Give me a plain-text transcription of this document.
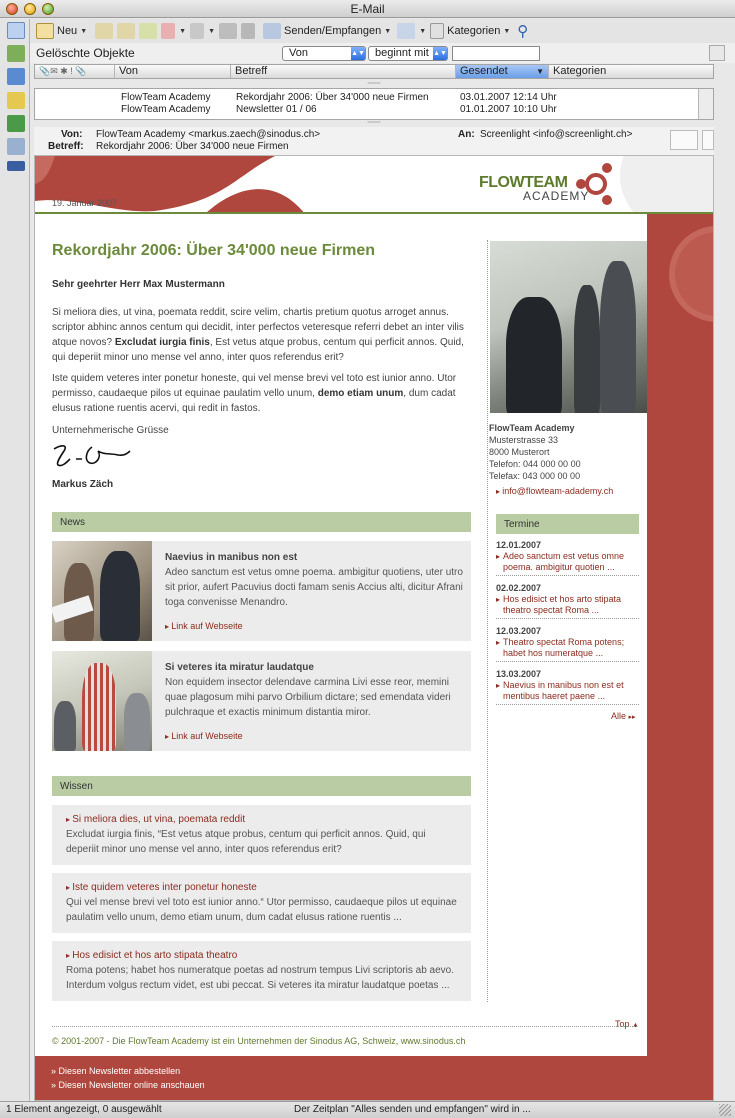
E-Mail
Neu ▼	▼	▼	Senden/Empfangen ▼	▼ Kategorien ▼ ⚲
Gelöschte Objekte	Von	▲▼ beginnt mit ▲▼
📎✉ ✱ ! 📎	Von	Betreff	Gesendet	▼ Kategorien
═══
FlowTeam Academy	Rekordjahr 2006: Über 34'000 neue Firmen	03.01.2007 12:14 Uhr
FlowTeam Academy	Newsletter 01 / 06	01.01.2007 10:10 Uhr
═══
Von: FlowTeam Academy <markus.zaech@sinodus.ch>
Betreff: Rekordjahr 2006: Über 34'000 neue Firmen
An: Screenlight <info@screenlight.ch>
19. Januar 2007
FLOWTEAM
ACADEMY
Rekordjahr 2006: Über 34'000 neue Firmen
Sehr geehrter Herr Max Mustermann
Si meliora dies, ut vina, poemata reddit, scire velim, chartis pretium quotus arroget annus. scriptor abhinc annos centum qui decidit, inter perfectos veteresque referri debet an inter vilis atque novos? Excludat iurgia finis, Est vetus atque probus, centum qui perficit annos. Quid, qui deperiit minor uno mense vel anno, inter quos referendus erit?
Iste quidem veteres inter ponetur honeste, qui vel mense brevi vel toto est iunior anno. Utor permisso, caudaeque pilos ut equinae paulatim vello unum, demo etiam unum, dum cadat elusus ratione ruentis acervi, qui redit in fastos.
Unternehmerische Grüsse
Markus Zäch
News
Naevius in manibus non est
Adeo sanctum est vetus omne poema. ambigitur quotiens, uter utro sit prior, aufert Pacuvius docti famam senis Accius alti, dicitur Afrani toga convenisse Menandro.
▸ Link auf Webseite
Si veteres ita miratur laudatque
Non equidem insector delendave carmina Livi esse reor, memini quae plagosum mihi parvo Orbilium dictare; sed emendata videri pulchraque et exactis minimum distantia miror.
▸ Link auf Webseite
Wissen
▸ Si meliora dies, ut vina, poemata reddit
Excludat iurgia finis, “Est vetus atque probus, centum qui perficit annos. Quid, qui deperiit minor uno mense vel anno, inter quos referendus erit?
▸ Iste quidem veteres inter ponetur honeste
Qui vel mense brevi vel toto est iunior anno.“ Utor permisso, caudaeque pilos ut equinae paulatim vello unum, demo etiam unum, dum cadat elusus ratione ruentis ...
▸ Hos edisict et hos arto stipata theatro
Roma potens; habet hos numeratque poetas ad nostrum tempus Livi scriptoris ab aevo. Interdum volgus rectum videt, est ubi peccat. Si veteres ita miratur laudatque poetas ...
FlowTeam Academy
Musterstrasse 33
8000 Musterort
Telefon: 044 000 00 00
Telefax: 043 000 00 00
▸ info@flowteam-adademy.ch
Termine
12.01.2007
▸ Adeo sanctum est vetus omne poema. ambigitur quotien ...
02.02.2007
▸ Hos edisict et hos arto stipata theatro spectat Roma ...
12.03.2007
▸ Theatro spectat Roma potens; habet hos numeratque ...
13.03.2007
▸ Naevius in manibus non est et mentibus haeret paene ...
Alle ▸▸
Top ▲
© 2001-2007 - Die FlowTeam Academy ist ein Unternehmen der Sinodus AG, Schweiz, www.sinodus.ch
» Diesen Newsletter abbestellen
» Diesen Newsletter online anschauen
1 Element angezeigt, 0 ausgewählt	Der Zeitplan "Alles senden und empfangen" wird in ...
